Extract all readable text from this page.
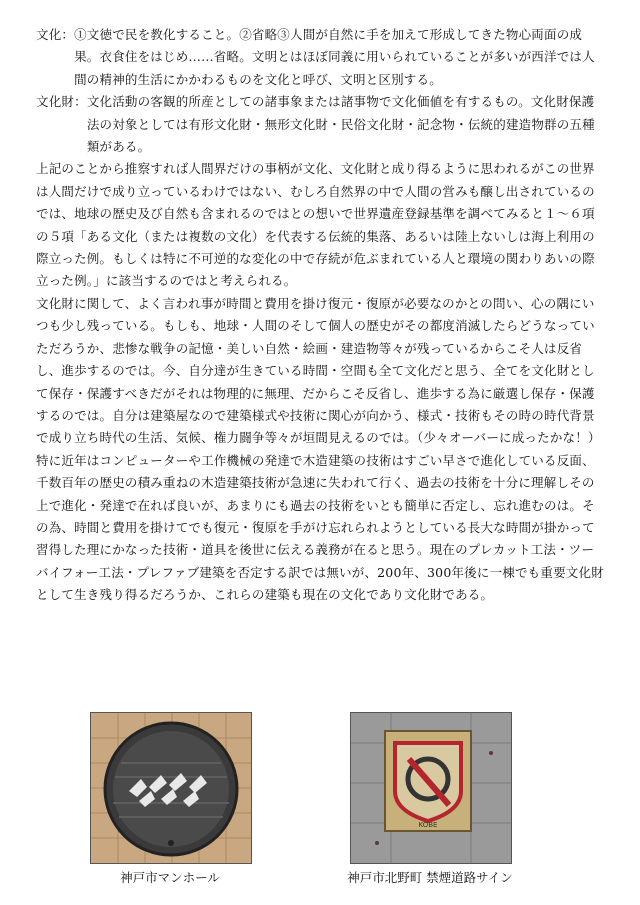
文化： ①文徳で民を教化すること。②省略③人間が自然に手を加えて形成してきた物心両面の成果。衣食住をはじめ……省略。文明とはほぼ同義に用いられていることが多いが西洋では人間の精神的生活にかかわるものを文化と呼び、文明と区別する。
文化財： 文化活動の客観的所産としての諸事象または諸事物で文化価値を有するもの。文化財保護法の対象としては有形文化財・無形文化財・民俗文化財・記念物・伝統的建造物群の五種類がある。

上記のことから推察すれば人間界だけの事柄が文化、文化財と成り得るように思われるがこの世界は人間だけで成り立っているわけではない、むしろ自然界の中で人間の営みも醸し出されているのでは、地球の歴史及び自然も含まれるのではとの想いで世界遺産登録基準を調べてみると１～６項の５項「ある文化（または複数の文化）を代表する伝統的集落、あるいは陸上ないしは海上利用の際立った例。もしくは特に不可逆的な変化の中で存続が危ぶまれている人と環境の関わりあいの際立った例。」に該当するのではと考えられる。

文化財に関して、よく言われ事が時間と費用を掛け復元・復原が必要なのかとの問い、心の隅にいつも少し残っている。もしも、地球・人間のそして個人の歴史がその都度消滅したらどうなっていただろうか、悲惨な戦争の記憶・美しい自然・絵画・建造物等々が残っているからこそ人は反省し、進歩するのでは。今、自分達が生きている時間・空間も全て文化だと思う、全てを文化財として保存・保護すべきだがそれは物理的に無理、だからこそ反省し、進歩する為に厳選し保存・保護するのでは。自分は建築屋なので建築様式や技術に関心が向かう、様式・技術もその時の時代背景で成り立ち時代の生活、気候、権力闘争等々が垣間見えるのでは。（少々オーバーに成ったかな！）特に近年はコンピューターや工作機械の発達で木造建築の技術はすごい早さで進化している反面、千数百年の歴史の積み重ねの木造建築技術が急速に失われて行く、過去の技術を十分に理解しその上で進化・発達で在れば良いが、あまりにも過去の技術をいとも簡単に否定し、忘れ進むのは。その為、時間と費用を掛けてでも復元・復原を手がけ忘れられようとしている長大な時間が掛かって習得した理にかなった技術・道具を後世に伝える義務が在ると思う。現在のプレカット工法・ツーバイフォー工法・プレファブ建築を否定する訳では無いが、200年、300年後に一棟でも重要文化財として生き残り得るだろうか、これらの建築も現在の文化であり文化財である。

KOBE
神戸市マンホール	神戸市北野町 禁煙道路サイン
